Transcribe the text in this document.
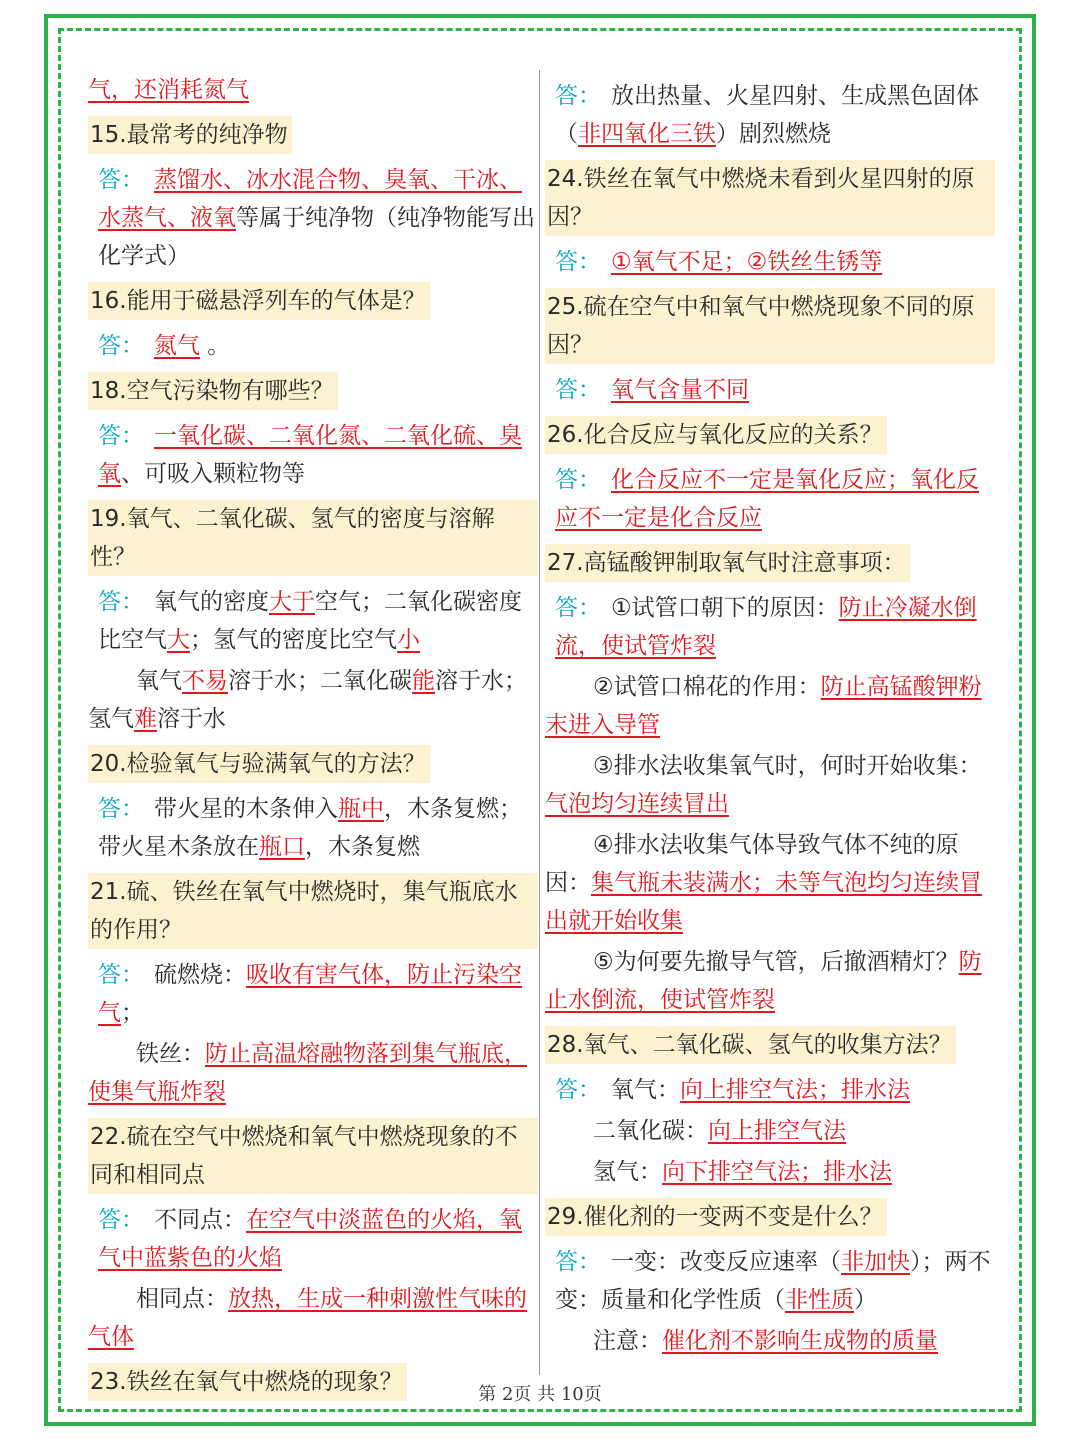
气，还消耗氮气
15.最常考的纯净物
答： 蒸馏水、冰水混合物、臭氧、干冰、水蒸气、液氧等属于纯净物（纯净物能写出化学式）
16.能用于磁悬浮列车的气体是？
答： 氮气 。
18.空气污染物有哪些？
答： 一氧化碳、二氧化氮、二氧化硫、臭氧、可吸入颗粒物等
19.氧气、二氧化碳、氢气的密度与溶解性？
答： 氧气的密度大于空气；二氧化碳密度比空气大；氢气的密度比空气小
氧气不易溶于水；二氧化碳能溶于水；氢气难溶于水
20.检验氧气与验满氧气的方法？
答： 带火星的木条伸入瓶中，木条复燃；带火星木条放在瓶口，木条复燃
21.硫、铁丝在氧气中燃烧时，集气瓶底水的作用？
答： 硫燃烧：吸收有害气体，防止污染空气；
铁丝：防止高温熔融物落到集气瓶底，使集气瓶炸裂
22.硫在空气中燃烧和氧气中燃烧现象的不同和相同点
答： 不同点：在空气中淡蓝色的火焰，氧气中蓝紫色的火焰
相同点：放热，生成一种刺激性气味的气体
23.铁丝在氧气中燃烧的现象？
答： 放出热量、火星四射、生成黑色固体（非四氧化三铁）剧烈燃烧
24.铁丝在氧气中燃烧未看到火星四射的原因？
答： ①氧气不足；②铁丝生锈等
25.硫在空气中和氧气中燃烧现象不同的原因？
答： 氧气含量不同
26.化合反应与氧化反应的关系？
答： 化合反应不一定是氧化反应；氧化反应不一定是化合反应
27.高锰酸钾制取氧气时注意事项：
答： ①试管口朝下的原因：防止冷凝水倒流，使试管炸裂
②试管口棉花的作用：防止高锰酸钾粉末进入导管
③排水法收集氧气时，何时开始收集：气泡均匀连续冒出
④排水法收集气体导致气体不纯的原因：集气瓶未装满水；未等气泡均匀连续冒出就开始收集
⑤为何要先撤导气管，后撤酒精灯？防止水倒流，使试管炸裂
28.氧气、二氧化碳、氢气的收集方法？
答： 氧气：向上排空气法；排水法
二氧化碳：向上排空气法
氢气：向下排空气法；排水法
29.催化剂的一变两不变是什么？
答： 一变：改变反应速率（非加快）；两不变：质量和化学性质（非性质）
注意：催化剂不影响生成物的质量
第 2页 共 10页
